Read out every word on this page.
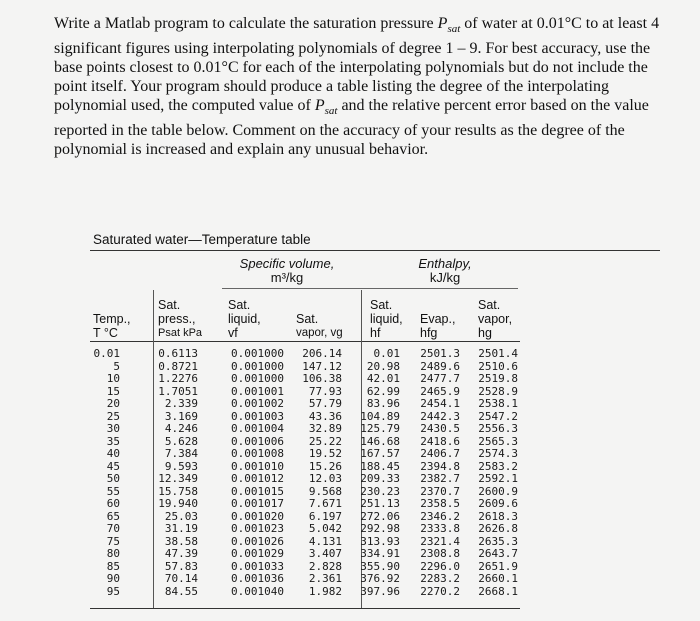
Write a Matlab program to calculate the saturation pressure $P_{sat}$ of water at 0.01°C to at least 4 significant figures using interpolating polynomials of degree 1 – 9. For best accuracy, use the base points closest to 0.01°C for each of the interpolating polynomials but do not include the point itself. Your program should produce a table listing the degree of the interpolating polynomial used, the computed value of $P_{sat}$ and the relative percent error based on the value reported in the table below. Comment on the accuracy of your results as the degree of the polynomial is increased and explain any unusual behavior.

Saturated water—Temperature table
Specific volume,
m³/kg
Enthalpy,
kJ/kg
Temp.,
T °C
Sat.
press.,
Psat kPa
Sat.
liquid,
vf
Sat.
vapor, vg
Sat.
liquid,
hf
Evap.,
hfg
Sat.
vapor,
hg
0.01	0.6113	0.001000 206.14	0.01 2501.3 2501.4
5	0.8721	0.001000 147.12 20.98 2489.6 2510.6
10	1.2276	0.001000 106.38 42.01 2477.7 2519.8
15	1.7051	0.001001 77.93 62.99 2465.9 2528.9
20	2.339	0.001002 57.79 83.96 2454.1 2538.1
25	3.169	0.001003 43.36 104.89 2442.3 2547.2
30	4.246	0.001004 32.89 125.79 2430.5 2556.3
35	5.628	0.001006 25.22 146.68 2418.6 2565.3
40	7.384	0.001008 19.52 167.57 2406.7 2574.3
45	9.593	0.001010 15.26 188.45 2394.8 2583.2
50	12.349	0.001012 12.03 209.33 2382.7 2592.1
55	15.758	0.001015 9.568 230.23 2370.7 2600.9
60	19.940	0.001017 7.671 251.13 2358.5 2609.6
65	25.03	0.001020 6.197 272.06 2346.2 2618.3
70	31.19	0.001023 5.042 292.98 2333.8 2626.8
75	38.58	0.001026 4.131 313.93 2321.4 2635.3
80	47.39	0.001029 3.407 334.91 2308.8 2643.7
85	57.83	0.001033 2.828 355.90 2296.0 2651.9
90	70.14	0.001036 2.361 376.92 2283.2 2660.1
95	84.55	0.001040 1.982 397.96 2270.2 2668.1
